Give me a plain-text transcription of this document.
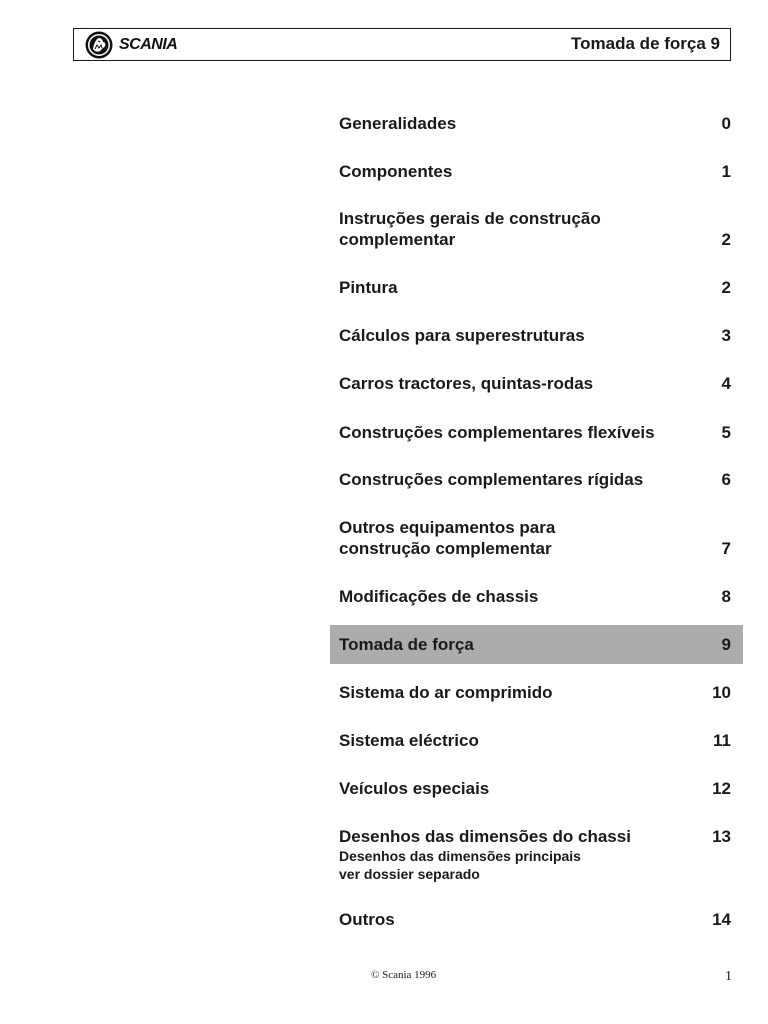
SCANIA	Tomada de força 9
Generalidades	0
Componentes	1
Instruções gerais de construção complementar	2
Pintura	2
Cálculos para superestruturas	3
Carros tractores, quintas-rodas	4
Construções complementares flexíveis	5
Construções complementares rígidas	6
Outros equipamentos para construção complementar	7
Modificações de chassis	8
Tomada de força	9
Sistema do ar comprimido	10
Sistema eléctrico	11
Veículos especiais	12
Desenhos das dimensões do chassi	13
Desenhos das dimensões principais
ver dossier separado
Outros	14
© Scania 1996	1
